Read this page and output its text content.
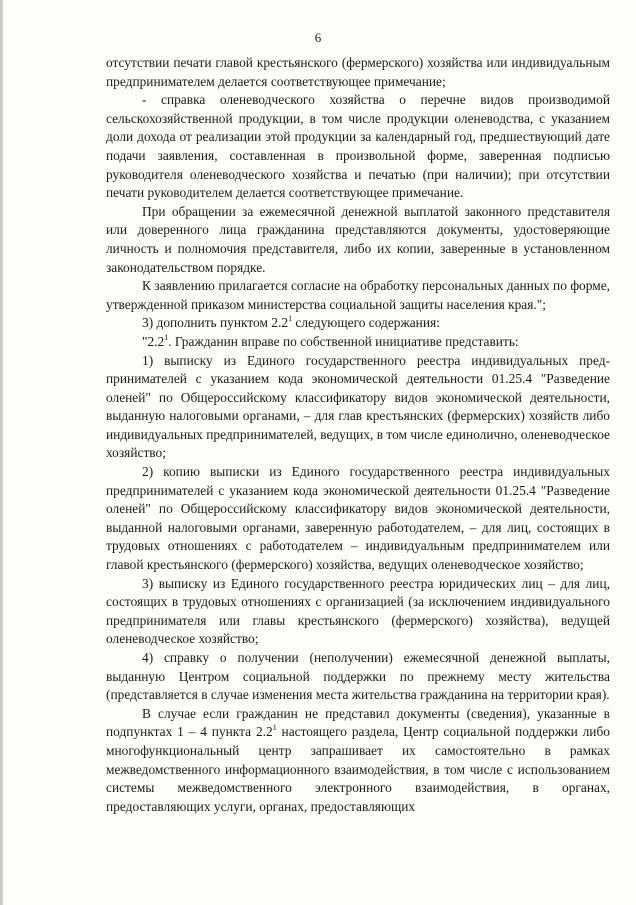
6

отсутствии печати главой крестьянского (фермерского) хозяйства или индивидуальным предпринимателем делается соответствующее примечание;

- справка оленеводческого хозяйства о перечне видов производимой сельскохозяйственной продукции, в том числе продукции оленеводства, с указанием доли дохода от реализации этой продукции за календарный год, предшествующий дате подачи заявления, составленная в произвольной форме, заверенная подписью руководителя оленеводческого хозяйства и печатью (при наличии); при отсутствии печати руководителем делается соответствующее примечание.

При обращении за ежемесячной денежной выплатой законного представителя или доверенного лица гражданина представляются документы, удостоверяющие личность и полномочия представителя, либо их копии, заверенные в установленном законодательством порядке.

К заявлению прилагается согласие на обработку персональных данных по форме, утвержденной приказом министерства социальной защиты населения края.";

3) дополнить пунктом $2.2^1$ следующего содержания:

"$2.2^1$. Гражданин вправе по собственной инициативе представить:

1) выписку из Единого государственного реестра индивидуальных предпринимателей с указанием кода экономической деятельности 01.25.4 "Разведение оленей" по Общероссийскому классификатору видов экономической деятельности, выданную налоговыми органами, – для глав крестьянских (фермерских) хозяйств либо индивидуальных предпринимателей, ведущих, в том числе единолично, оленеводческое хозяйство;

2) копию выписки из Единого государственного реестра индивидуальных предпринимателей с указанием кода экономической деятельности 01.25.4 "Разведение оленей" по Общероссийскому классификатору видов экономической деятельности, выданной налоговыми органами, заверенную работодателем, – для лиц, состоящих в трудовых отношениях с работодателем – индивидуальным предпринимателем или главой крестьянского (фермерского) хозяйства, ведущих оленеводческое хозяйство;

3) выписку из Единого государственного реестра юридических лиц – для лиц, состоящих в трудовых отношениях с организацией (за исключением индивидуального предпринимателя или главы крестьянского (фермерского) хозяйства), ведущей оленеводческое хозяйство;

4) справку о получении (неполучении) ежемесячной денежной выплаты, выданную Центром социальной поддержки по прежнему месту жительства (представляется в случае изменения места жительства гражданина на территории края).

В случае если гражданин не представил документы (сведения), указанные в подпунктах 1 – 4 пункта $2.2^1$ настоящего раздела, Центр социальной поддержки либо многофункциональный центр запрашивает их самостоятельно в рамках межведомственного информационного взаимодействия, в том числе с использованием системы межведомственного электронного взаимодействия, в органах, предоставляющих услуги, органах, предоставляющих
